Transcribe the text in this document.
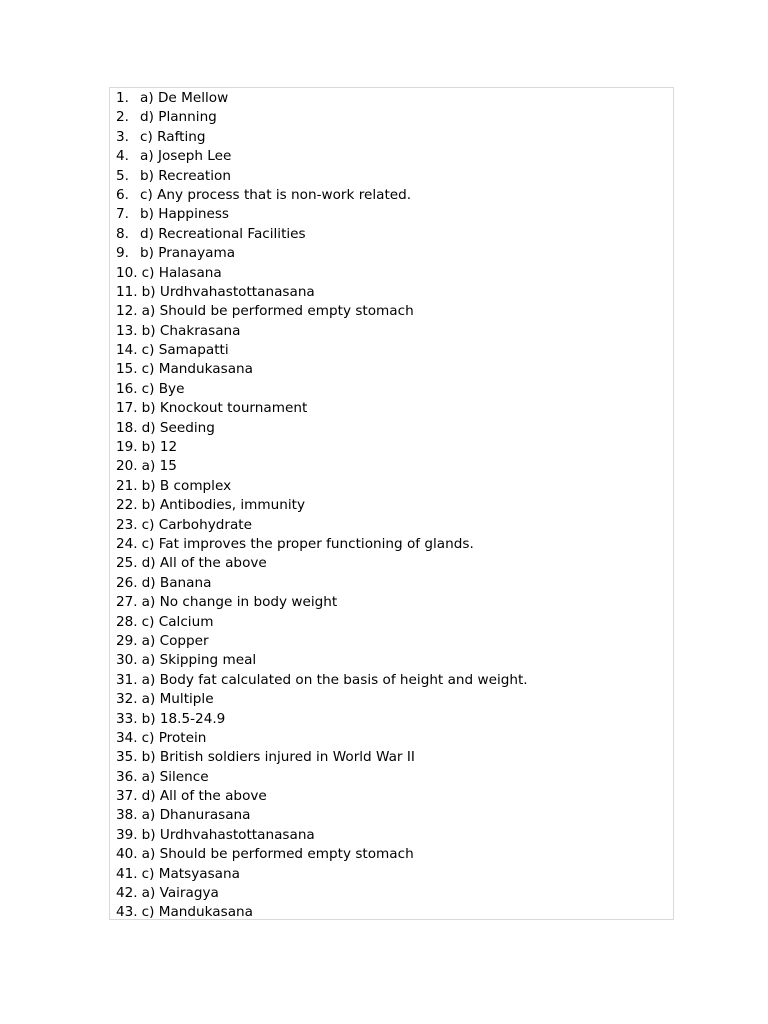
1. a) De Mellow
2. d) Planning
3. c) Rafting
4. a) Joseph Lee
5. b) Recreation
6. c) Any process that is non-work related.
7. b) Happiness
8. d) Recreational Facilities
9. b) Pranayama
10. c) Halasana
11. b) Urdhvahastottanasana
12. a) Should be performed empty stomach
13. b) Chakrasana
14. c) Samapatti
15. c) Mandukasana
16. c) Bye
17. b) Knockout tournament
18. d) Seeding
19. b) 12
20. a) 15
21. b) B complex
22. b) Antibodies, immunity
23. c) Carbohydrate
24. c) Fat improves the proper functioning of glands.
25. d) All of the above
26. d) Banana
27. a) No change in body weight
28. c) Calcium
29. a) Copper
30. a) Skipping meal
31. a) Body fat calculated on the basis of height and weight.
32. a) Multiple
33. b) 18.5-24.9
34. c) Protein
35. b) British soldiers injured in World War II
36. a) Silence
37. d) All of the above
38. a) Dhanurasana
39. b) Urdhvahastottanasana
40. a) Should be performed empty stomach
41. c) Matsyasana
42. a) Vairagya
43. c) Mandukasana
